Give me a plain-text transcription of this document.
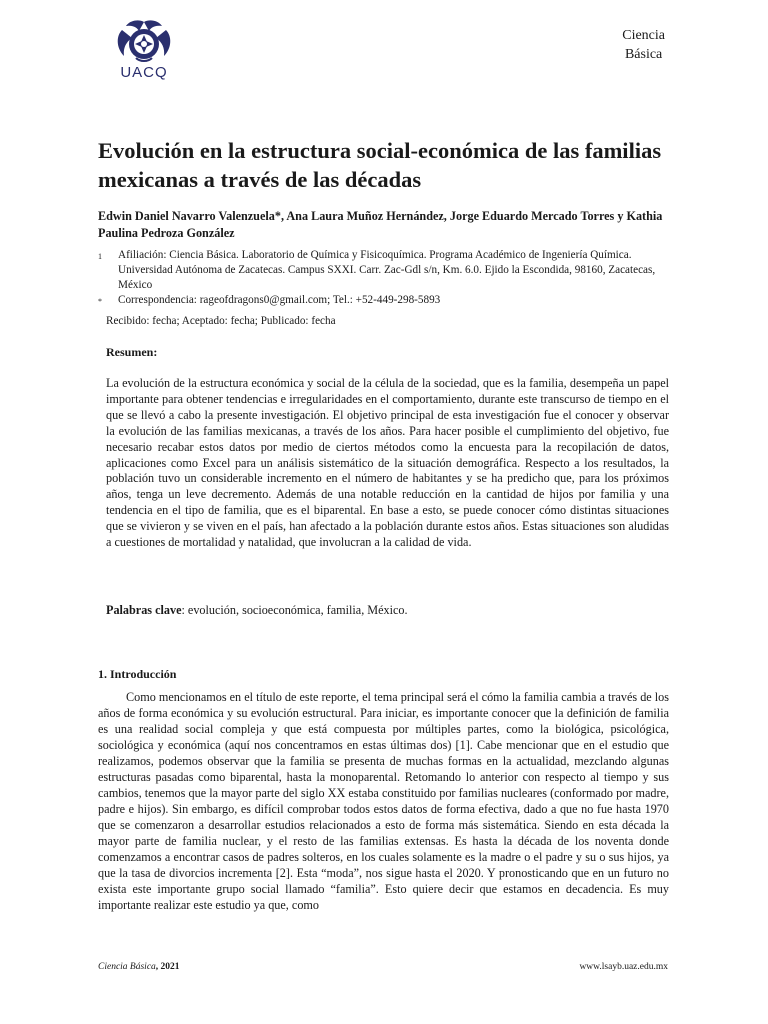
UACQ
Ciencia
Básica
Evolución en la estructura social-económica de las familias mexicanas a través de las décadas
Edwin Daniel Navarro Valenzuela*, Ana Laura Muñoz Hernández, Jorge Eduardo Mercado Torres y Kathia Paulina Pedroza González
1	Afiliación: Ciencia Básica. Laboratorio de Química y Fisicoquímica. Programa Académico de Ingeniería Química. Universidad Autónoma de Zacatecas. Campus SXXI. Carr. Zac-Gdl s/n, Km. 6.0. Ejido la Escondida, 98160, Zacatecas, México
*	Correspondencia: rageofdragons0@gmail.com; Tel.: +52-449-298-5893
Recibido: fecha; Aceptado: fecha; Publicado: fecha
Resumen:

La evolución de la estructura económica y social de la célula de la sociedad, que es la familia, desempeña un papel importante para obtener tendencias e irregularidades en el comportamiento, durante este transcurso de tiempo en el que se llevó a cabo la presente investigación. El objetivo principal de esta investigación fue el conocer y observar la evolución de las familias mexicanas, a través de los años. Para hacer posible el cumplimiento del objetivo, fue necesario recabar estos datos por medio de ciertos métodos como la encuesta para la recopilación de datos, aplicaciones como Excel para un análisis sistemático de la situación demográfica. Respecto a los resultados, la población tuvo un considerable incremento en el número de habitantes y se ha predicho que, para los próximos años, tenga un leve decremento. Además de una notable reducción en la cantidad de hijos por familia y una tendencia en el tipo de familia, que es el biparental. En base a esto, se puede conocer cómo distintas situaciones que se vivieron y se viven en el país, han afectado a la población durante estos años. Estas situaciones son aludidas a cuestiones de mortalidad y natalidad, que involucran a la calidad de vida.

Palabras clave: evolución, socioeconómica, familia, México.
1. Introducción

Como mencionamos en el título de este reporte, el tema principal será el cómo la familia cambia a través de los años de forma económica y su evolución estructural. Para iniciar, es importante conocer que la definición de familia es una realidad social compleja y que está compuesta por múltiples partes, como la biológica, psicológica, sociológica y económica (aquí nos concentramos en estas últimas dos) [1]. Cabe mencionar que en el estudio que realizamos, podemos observar que la familia se presenta de muchas formas en la actualidad, mezclando algunas estructuras pasadas como biparental, hasta la monoparental. Retomando lo anterior con respecto al tiempo y sus cambios, tenemos que la mayor parte del siglo XX estaba constituido por familias nucleares (conformado por madre, padre e hijos). Sin embargo, es difícil comprobar todos estos datos de forma efectiva, dado a que no fue hasta 1970 que se comenzaron a desarrollar estudios relacionados a esto de forma más sistemática. Siendo en esta década la mayor parte de familia nuclear, y el resto de las familias extensas. Es hasta la década de los noventa donde comenzamos a encontrar casos de padres solteros, en los cuales solamente es la madre o el padre y su o sus hijos, ya que la tasa de divorcios incrementa [2]. Esta “moda”, nos sigue hasta el 2020. Y pronosticando que en un futuro no exista este importante grupo social llamado “familia”. Esto quiere decir que estamos en decadencia. Es muy importante realizar este estudio ya que, como

Ciencia Básica, 2021	www.lsayb.uaz.edu.mx
